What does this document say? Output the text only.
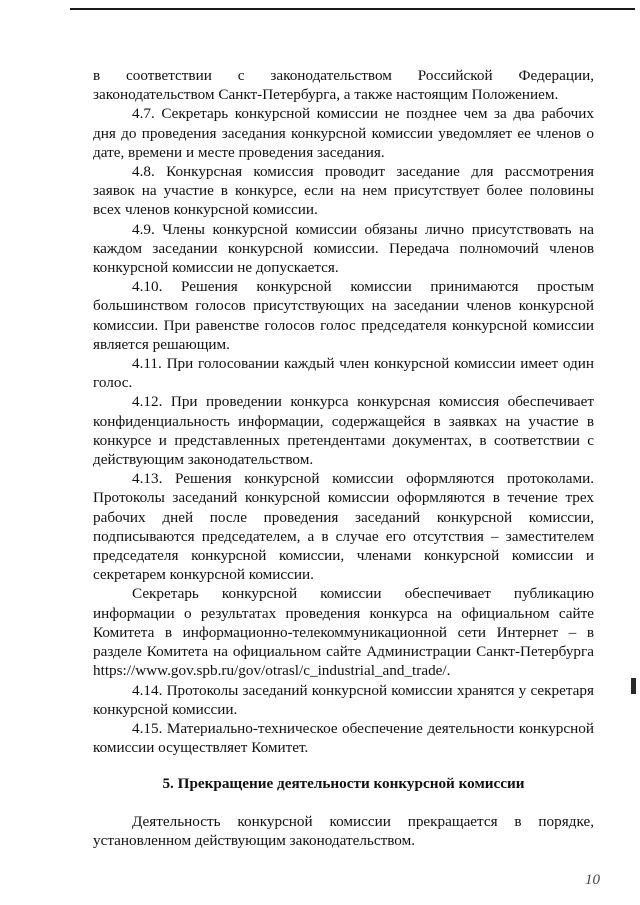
в соответствии с законодательством Российской Федерации, законодательством Санкт-Петербурга, а также настоящим Положением.

4.7. Секретарь конкурсной комиссии не позднее чем за два рабочих дня до проведения заседания конкурсной комиссии уведомляет ее членов о дате, времени и месте проведения заседания.

4.8. Конкурсная комиссия проводит заседание для рассмотрения заявок на участие в конкурсе, если на нем присутствует более половины всех членов конкурсной комиссии.

4.9. Члены конкурсной комиссии обязаны лично присутствовать на каждом заседании конкурсной комиссии. Передача полномочий членов конкурсной комиссии не допускается.

4.10. Решения конкурсной комиссии принимаются простым большинством голосов присутствующих на заседании членов конкурсной комиссии. При равенстве голосов голос председателя конкурсной комиссии является решающим.

4.11. При голосовании каждый член конкурсной комиссии имеет один голос.

4.12. При проведении конкурса конкурсная комиссия обеспечивает конфиденциальность информации, содержащейся в заявках на участие в конкурсе и представленных претендентами документах, в соответствии с действующим законодательством.

4.13. Решения конкурсной комиссии оформляются протоколами. Протоколы заседаний конкурсной комиссии оформляются в течение трех рабочих дней после проведения заседаний конкурсной комиссии, подписываются председателем, а в случае его отсутствия – заместителем председателя конкурсной комиссии, членами конкурсной комиссии и секретарем конкурсной комиссии.

Секретарь конкурсной комиссии обеспечивает публикацию информации о результатах проведения конкурса на официальном сайте Комитета в информационно-телекоммуникационной сети Интернет – в разделе Комитета на официальном сайте Администрации Санкт-Петербурга https://www.gov.spb.ru/gov/otrasl/c_industrial_and_trade/.

4.14. Протоколы заседаний конкурсной комиссии хранятся у секретаря конкурсной комиссии.

4.15. Материально-техническое обеспечение деятельности конкурсной комиссии осуществляет Комитет.

5. Прекращение деятельности конкурсной комиссии

Деятельность конкурсной комиссии прекращается в порядке, установленном действующим законодательством.

10
